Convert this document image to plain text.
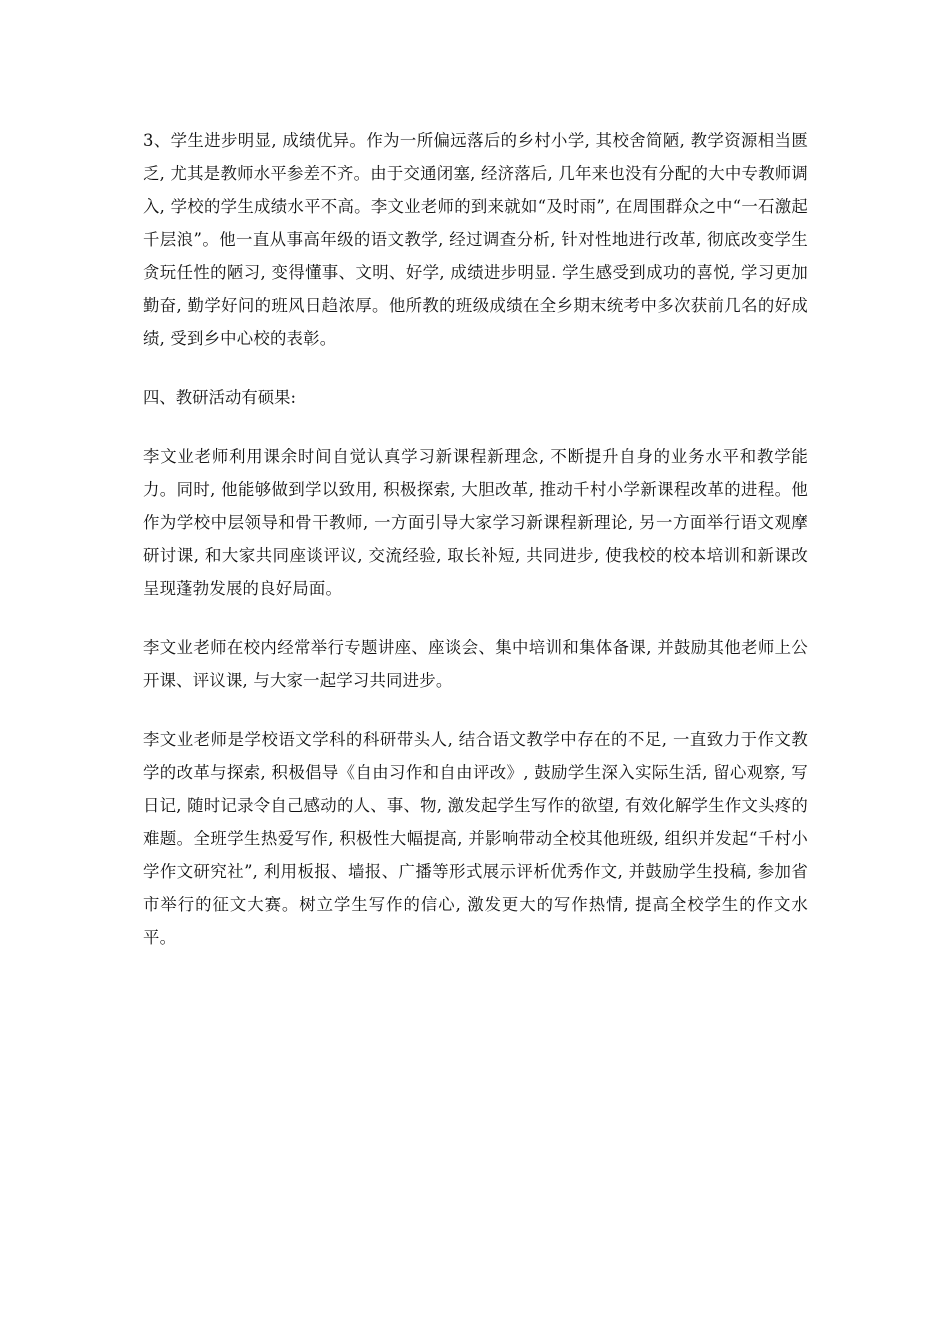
3、学生进步明显, 成绩优异。作为一所偏远落后的乡村小学, 其校舍简陋, 教学资源相当匮乏, 尤其是教师水平参差不齐。由于交通闭塞, 经济落后, 几年来也没有分配的大中专教师调入, 学校的学生成绩水平不高。李文业老师的到来就如“及时雨”, 在周围群众之中“一石激起千层浪”。他一直从事高年级的语文教学, 经过调查分析, 针对性地进行改革, 彻底改变学生贪玩任性的陋习, 变得懂事、文明、好学, 成绩进步明显. 学生感受到成功的喜悦, 学习更加勤奋, 勤学好问的班风日趋浓厚。他所教的班级成绩在全乡期末统考中多次获前几名的好成绩, 受到乡中心校的表彰。

四、教研活动有硕果:

李文业老师利用课余时间自觉认真学习新课程新理念, 不断提升自身的业务水平和教学能力。同时, 他能够做到学以致用, 积极探索, 大胆改革, 推动千村小学新课程改革的进程。他作为学校中层领导和骨干教师, 一方面引导大家学习新课程新理论, 另一方面举行语文观摩研讨课, 和大家共同座谈评议, 交流经验, 取长补短, 共同进步, 使我校的校本培训和新课改呈现蓬勃发展的良好局面。

李文业老师在校内经常举行专题讲座、座谈会、集中培训和集体备课, 并鼓励其他老师上公开课、评议课, 与大家一起学习共同进步。

李文业老师是学校语文学科的科研带头人, 结合语文教学中存在的不足, 一直致力于作文教学的改革与探索, 积极倡导《自由习作和自由评改》, 鼓励学生深入实际生活, 留心观察, 写日记, 随时记录令自己感动的人、事、物, 激发起学生写作的欲望, 有效化解学生作文头疼的难题。全班学生热爱写作, 积极性大幅提高, 并影响带动全校其他班级, 组织并发起“千村小学作文研究社”, 利用板报、墙报、广播等形式展示评析优秀作文, 并鼓励学生投稿, 参加省市举行的征文大赛。树立学生写作的信心, 激发更大的写作热情, 提高全校学生的作文水平。
